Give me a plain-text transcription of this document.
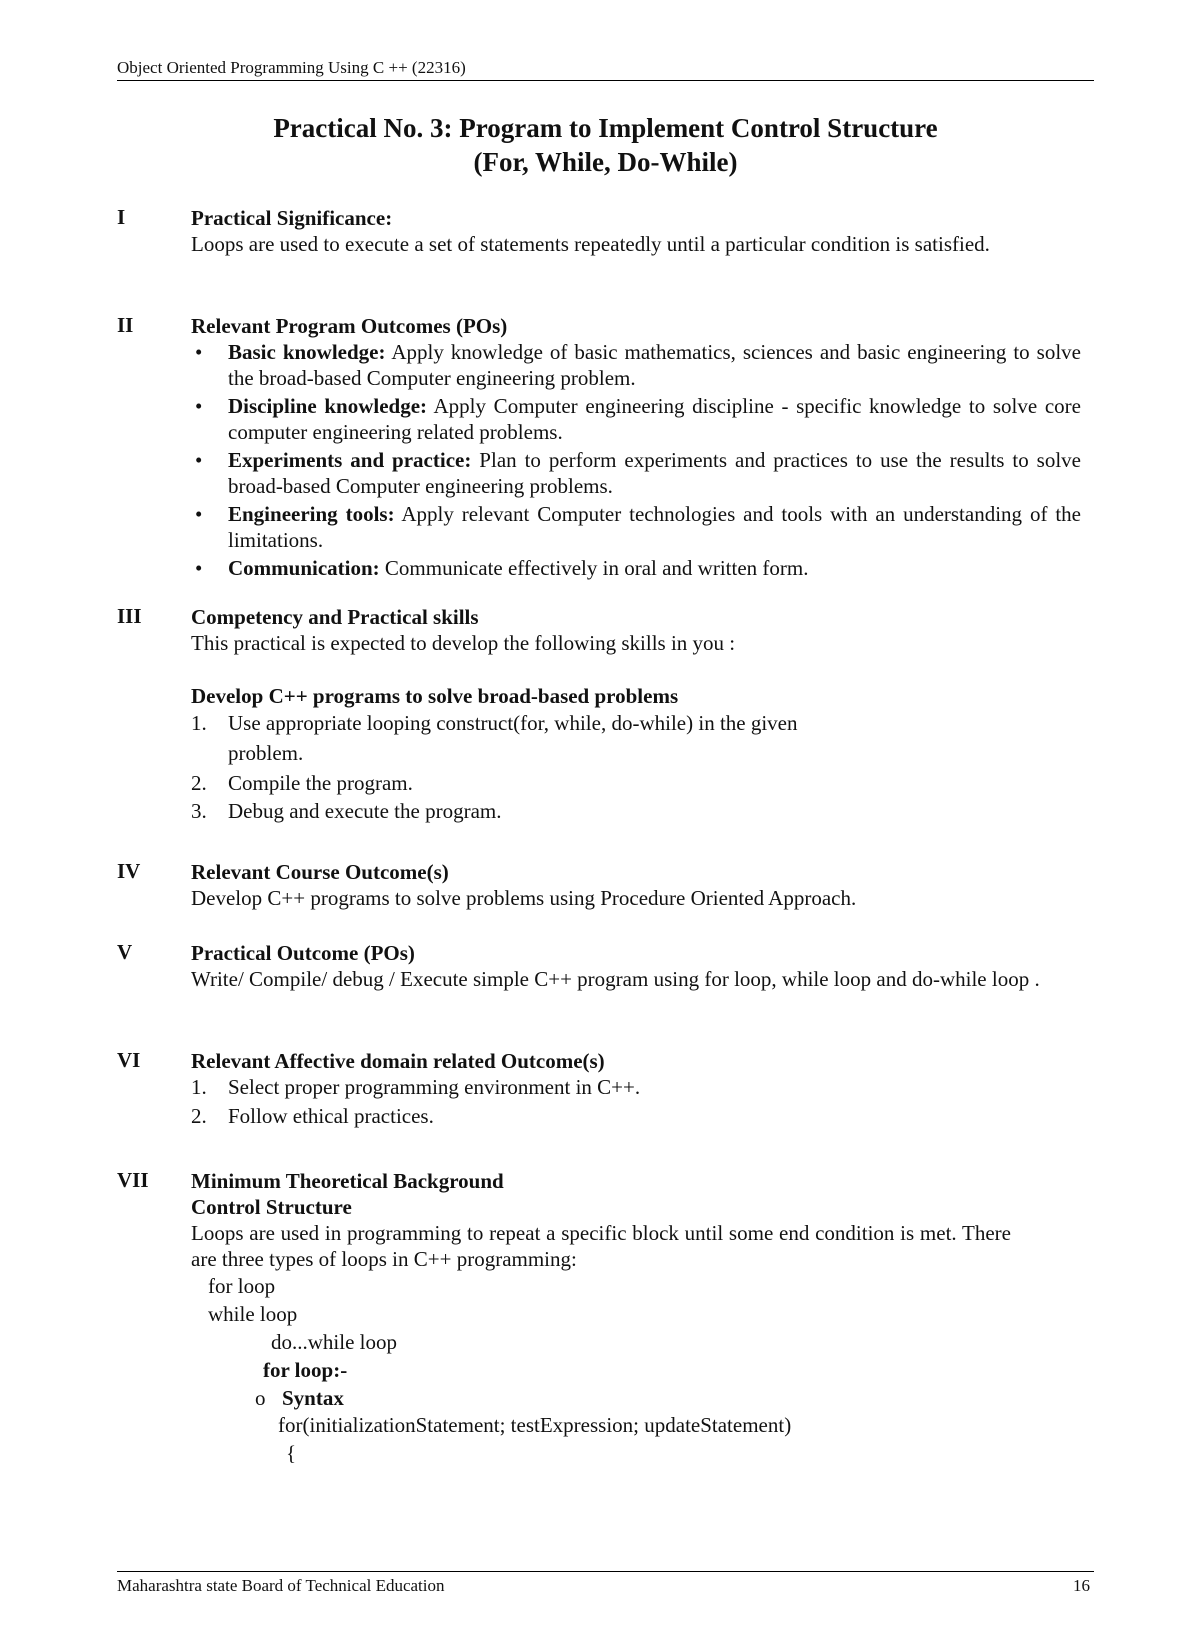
Object Oriented Programming Using C ++ (22316)
Practical No. 3: Program to Implement Control Structure
(For, While, Do-While)
I	Practical Significance:
Loops are used to execute a set of statements repeatedly until a particular condition is satisfied.
II	Relevant Program Outcomes (POs)
• Basic knowledge: Apply knowledge of basic mathematics, sciences and basic engineering to solve the broad-based Computer engineering problem.
• Discipline knowledge: Apply Computer engineering discipline - specific knowledge to solve core computer engineering related problems.
• Experiments and practice: Plan to perform experiments and practices to use the results to solve broad-based Computer engineering problems.
• Engineering tools: Apply relevant Computer technologies and tools with an understanding of the limitations.
• Communication: Communicate effectively in oral and written form.
III Competency and Practical skills
This practical is expected to develop the following skills in you :
Develop C++ programs to solve broad-based problems
1. Use appropriate looping construct(for, while, do-while) in the given
problem.
2. Compile the program.
3. Debug and execute the program.
IV Relevant Course Outcome(s)
Develop C++ programs to solve problems using Procedure Oriented Approach.
V	Practical Outcome (POs)
Write/ Compile/ debug / Execute simple C++ program using for loop, while loop and do-while loop .
VI Relevant Affective domain related Outcome(s)
1. Select proper programming environment in C++.
2. Follow ethical practices.
VII Minimum Theoretical Background
Control Structure
Loops are used in programming to repeat a specific block until some end condition is met. There are three types of loops in C++ programming:
for loop
while loop
do...while loop
for loop:-
o Syntax
for(initializationStatement; testExpression; updateStatement)
{
Maharashtra state Board of Technical Education	16
